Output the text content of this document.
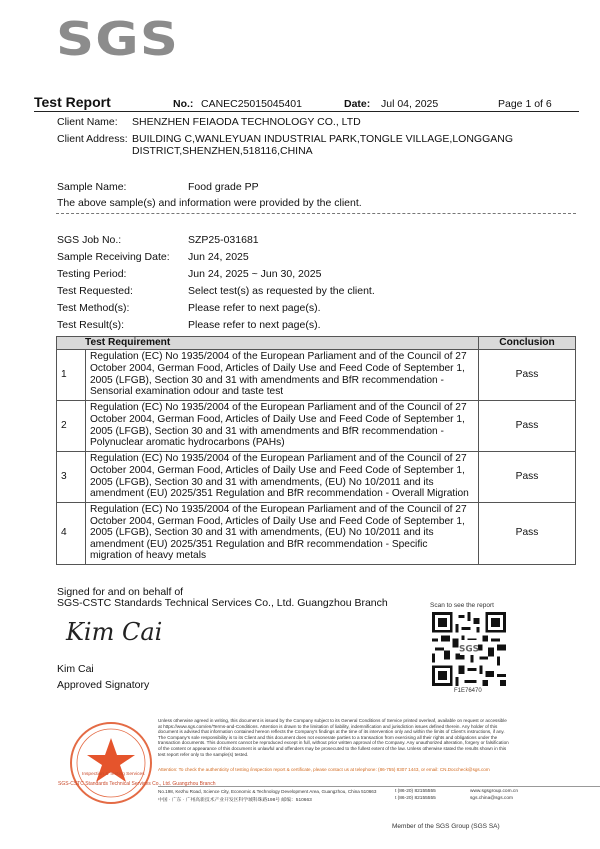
SGS
Test Report	No.: CANEC25015045401	Date: Jul 04, 2025	Page 1 of 6
Client Name: SHENZHEN FEIAODA TECHNOLOGY CO., LTD
Client Address: BUILDING C,WANLEYUAN INDUSTRIAL PARK,TONGLE VILLAGE,LONGGANG
DISTRICT,SHENZHEN,518116,CHINA
Sample Name:	Food grade PP
The above sample(s) and information were provided by the client.
SGS Job No.:	SZP25-031681
Sample Receiving Date: Jun 24, 2025
Testing Period:	Jun 24, 2025 ~ Jun 30, 2025
Test Requested:	Select test(s) as requested by the client.
Test Method(s):	Please refer to next page(s).
Test Result(s):	Please refer to next page(s).
Test Requirement		Conclusion
1	Regulation (EC) No 1935/2004 of the European Parliament and of the Council of 27
October 2004, German Food, Articles of Daily Use and Feed Code of September 1,
2005 (LFGB), Section 30 and 31 with amendments and BfR recommendation -
Sensorial examination odour and taste test	Pass
2	Regulation (EC) No 1935/2004 of the European Parliament and of the Council of 27
October 2004, German Food, Articles of Daily Use and Feed Code of September 1,
2005 (LFGB), Section 30 and 31 with amendments and BfR recommendation -
Polynuclear aromatic hydrocarbons (PAHs)	Pass
3	Regulation (EC) No 1935/2004 of the European Parliament and of the Council of 27
October 2004, German Food, Articles of Daily Use and Feed Code of September 1,
2005 (LFGB), Section 30 and 31 with amendments, (EU) No 10/2011 and its
amendment (EU) 2025/351 Regulation and BfR recommendation - Overall Migration	Pass
4	Regulation (EC) No 1935/2004 of the European Parliament and of the Council of 27
October 2004, German Food, Articles of Daily Use and Feed Code of September 1,
2005 (LFGB), Section 30 and 31 with amendments, (EU) No 10/2011 and its
amendment (EU) 2025/351 Regulation and BfR recommendation - Specific
migration of heavy metals	Pass
Signed for and on behalf of
SGS-CSTC Standards Technical Services Co., Ltd. Guangzhou Branch
Kim Cai
Kim Cai
Approved Signatory
Scan to see the report
SGS
F1E76470
SGS-CSTC Standards Technical Services Co., Ltd. Guangzhou Branch
Inspection & Testing Services
Unless otherwise agreed in writing, this document is issued by the Company subject to its General Conditions of Service printed overleaf, available on request or accessible at https://www.sgs.com/en/Terms-and-Conditions. Attention is drawn to the limitation of liability, indemnification and jurisdiction issues defined therein. Any holder of this document is advised that information contained hereon reflects the Company's findings at the time of its intervention only and within the limits of Client's instructions, if any. The Company's sole responsibility is to its Client and this document does not exonerate parties to a transaction from exercising all their rights and obligations under the transaction documents. This document cannot be reproduced except in full, without prior written approval of the Company. Any unauthorized alteration, forgery or falsification of the content or appearance of this document is unlawful and offenders may be prosecuted to the fullest extent of the law. Unless otherwise stated the results shown in this test report refer only to the sample(s) tested.
Attention: To check the authenticity of testing /inspection report & certificate, please contact us at telephone: (86-755) 8307 1443, or email: CN.Doccheck@sgs.com
No.198, Kezhu Road, Science City, Economic & Technology Development Area, Guangzhou, China 510663
中国 · 广东 · 广州高新技术产业开发区科学城科珠路198号 邮编：510663
t (86-20) 82155555
t (86-20) 82155555
www.sgsgroup.com.cn
sgs.china@sgs.com
Member of the SGS Group (SGS SA)
